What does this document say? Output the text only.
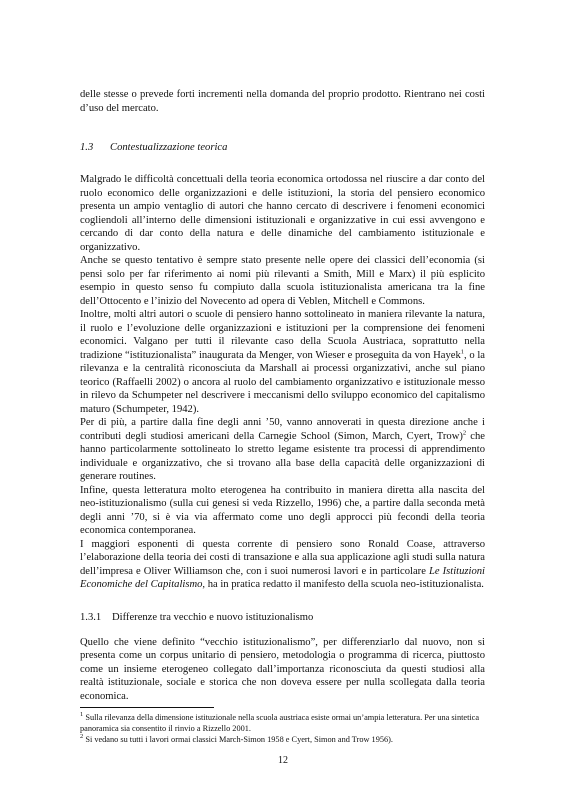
delle stesse o prevede forti incrementi nella domanda del proprio prodotto. Rientrano nei costi d’uso del mercato.

1.3 Contestualizzazione teorica

Malgrado le difficoltà concettuali della teoria economica ortodossa nel riuscire a dar conto del ruolo economico delle organizzazioni e delle istituzioni, la storia del pensiero economico presenta un ampio ventaglio di autori che hanno cercato di descrivere i fenomeni economici cogliendoli all’interno delle dimensioni istituzionali e organizzative in cui essi avvengono e cercando di dar conto della natura e delle dinamiche del cambiamento istituzionale e organizzativo.

Anche se questo tentativo è sempre stato presente nelle opere dei classici dell’economia (si pensi solo per far riferimento ai nomi più rilevanti a Smith, Mill e Marx) il più esplicito esempio in questo senso fu compiuto dalla scuola istituzionalista americana tra la fine dell’Ottocento e l’inizio del Novecento ad opera di Veblen, Mitchell e Commons.

Inoltre, molti altri autori o scuole di pensiero hanno sottolineato in maniera rilevante la natura, il ruolo e l’evoluzione delle organizzazioni e istituzioni per la comprensione dei fenomeni economici. Valgano per tutti il rilevante caso della Scuola Austriaca, soprattutto nella tradizione “istituzionalista” inaugurata da Menger, von Wieser e proseguita da von Hayek$^1$, o la rilevanza e la centralità riconosciuta da Marshall ai processi organizzativi, anche sul piano teorico (Raffaelli 2002) o ancora al ruolo del cambiamento organizzativo e istituzionale messo in rilevo da Schumpeter nel descrivere i meccanismi dello sviluppo economico del capitalismo maturo (Schumpeter, 1942).

Per di più, a partire dalla fine degli anni ’50, vanno annoverati in questa direzione anche i contributi degli studiosi americani della Carnegie School (Simon, March, Cyert, Trow)$^2$ che hanno particolarmente sottolineato lo stretto legame esistente tra processi di apprendimento individuale e organizzativo, che si trovano alla base della capacità delle organizzazioni di generare routines.

Infine, questa letteratura molto eterogenea ha contribuito in maniera diretta alla nascita del neo-istituzionalismo (sulla cui genesi si veda Rizzello, 1996) che, a partire dalla seconda metà degli anni ’70, si è via via affermato come uno degli approcci più fecondi della teoria economica contemporanea.

I maggiori esponenti di questa corrente di pensiero sono Ronald Coase, attraverso l’elaborazione della teoria dei costi di transazione e alla sua applicazione agli studi sulla natura dell’impresa e Oliver Williamson che, con i suoi numerosi lavori e in particolare Le Istituzioni Economiche del Capitalismo, ha in pratica redatto il manifesto della scuola neo-istituzionalista.

1.3.1 Differenze tra vecchio e nuovo istituzionalismo

Quello che viene definito “vecchio istituzionalismo”, per differenziarlo dal nuovo, non si presenta come un corpus unitario di pensiero, metodologia o programma di ricerca, piuttosto come un insieme eterogeneo collegato dall’importanza riconosciuta da questi studiosi alla realtà istituzionale, sociale e storica che non doveva essere per nulla scollegata dalla teoria economica.

$^1$ Sulla rilevanza della dimensione istituzionale nella scuola austriaca esiste ormai un’ampia letteratura. Per una sintetica panoramica sia consentito il rinvio a Rizzello 2001.

$^2$ Si vedano su tutti i lavori ormai classici March-Simon 1958 e Cyert, Simon and Trow 1956).

12
